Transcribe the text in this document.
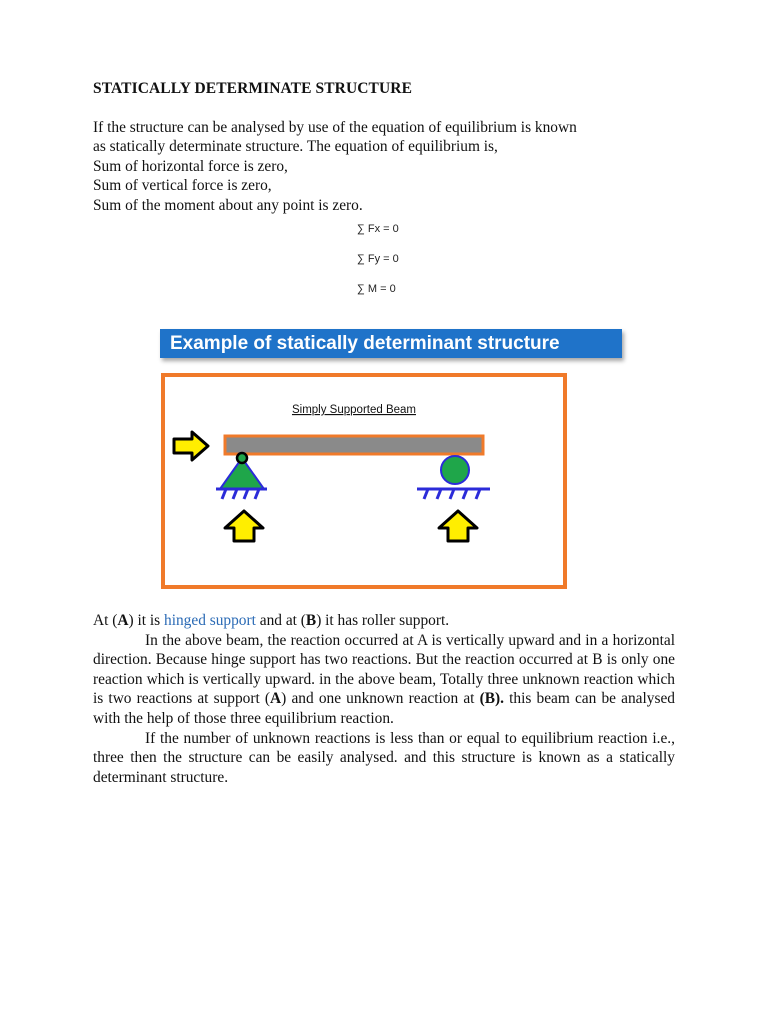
STATICALLY DETERMINATE STRUCTURE
If the structure can be analysed by use of the equation of equilibrium is known
as statically determinate structure. The equation of equilibrium is,
Sum of horizontal force is zero,
Sum of vertical force is zero,
Sum of the moment about any point is zero.
∑ Fx = 0
∑ Fy = 0
∑ M = 0
Example of statically determinant structure
Simply Supported Beam

At (A) it is hinged support and at (B) it has roller support.

In the above beam, the reaction occurred at A is vertically upward and in a horizontal direction. Because hinge support has two reactions. But the reaction occurred at B is only one reaction which is vertically upward. in the above beam, Totally three unknown reaction which is two reactions at support (A) and one unknown reaction at (B). this beam can be analysed with the help of those three equilibrium reaction.

If the number of unknown reactions is less than or equal to equilibrium reaction i.e., three then the structure can be easily analysed. and this structure is known as a statically determinant structure.
